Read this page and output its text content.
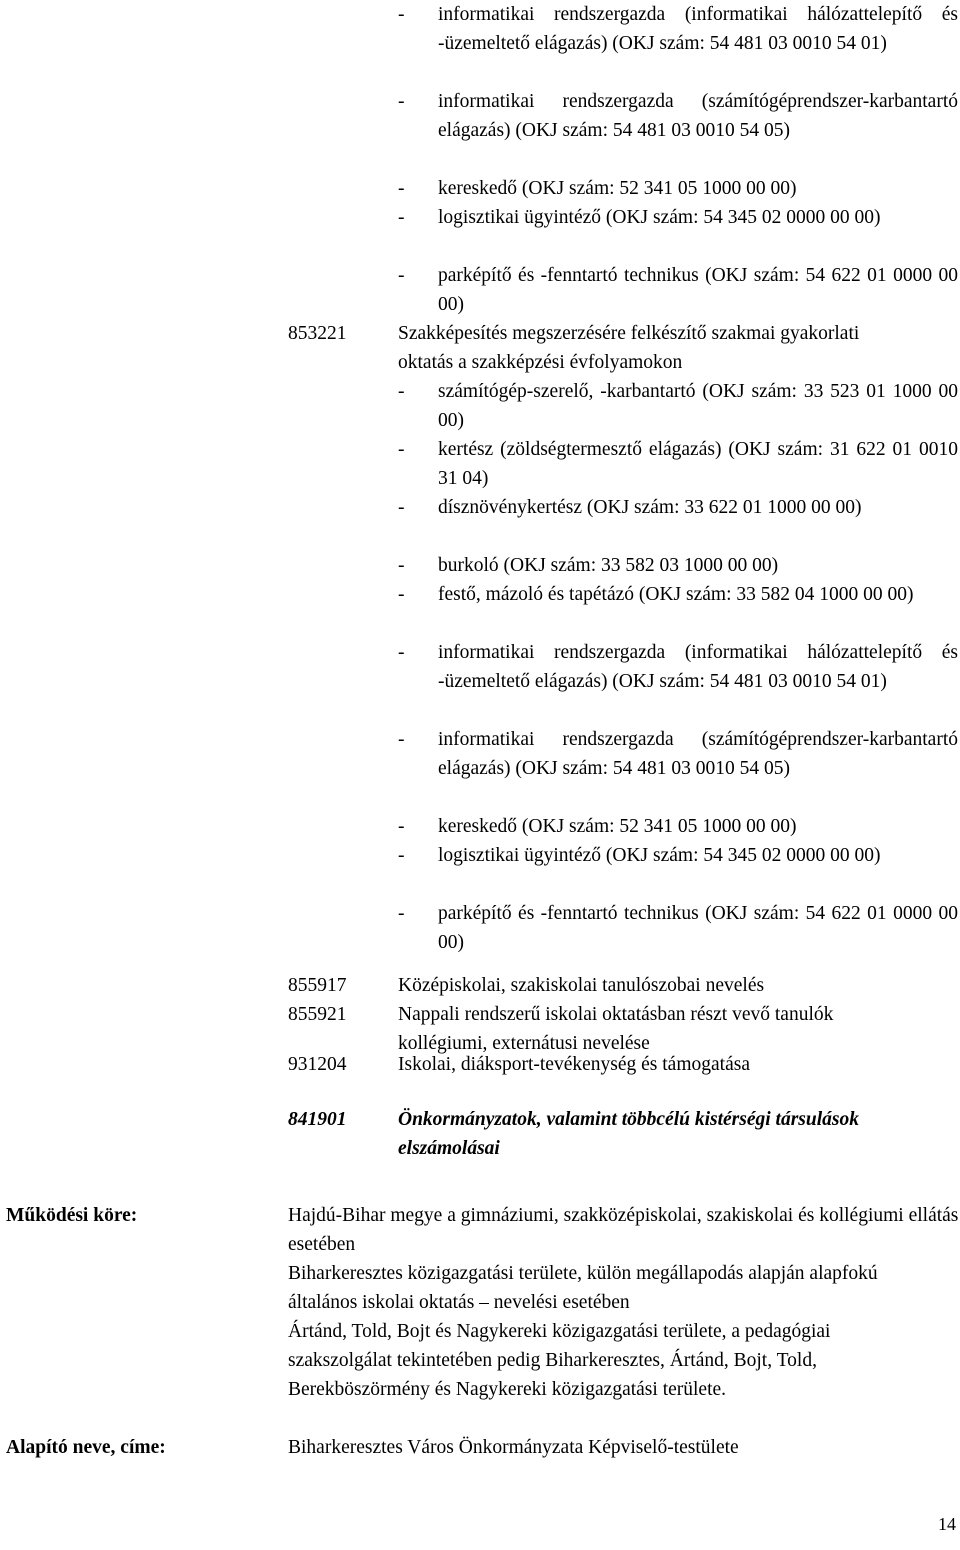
-	informatikai rendszergazda (informatikai hálózattelepítő és -üzemeltető elágazás) (OKJ szám: 54 481 03 0010 54 01)
-	informatikai rendszergazda (számítógéprendszer-karbantartó elágazás) (OKJ szám: 54 481 03 0010 54 05)
-	kereskedő (OKJ szám: 52 341 05 1000 00 00)
-	logisztikai ügyintéző (OKJ szám: 54 345 02 0000 00 00)
-	parképítő és -fenntartó technikus (OKJ szám: 54 622 01 0000 00 00)
853221	Szakképesítés megszerzésére felkészítő szakmai gyakorlati oktatás a szakképzési évfolyamokon
-	számítógép-szerelő, -karbantartó (OKJ szám: 33 523 01 1000 00 00)
-	kertész (zöldségtermesztő elágazás) (OKJ szám: 31 622 01 0010 31 04)
-	dísznövénykertész (OKJ szám: 33 622 01 1000 00 00)
-	burkoló (OKJ szám: 33 582 03 1000 00 00)
-	festő, mázoló és tapétázó (OKJ szám: 33 582 04 1000 00 00)
-	informatikai rendszergazda (informatikai hálózattelepítő és -üzemeltető elágazás) (OKJ szám: 54 481 03 0010 54 01)
-	informatikai rendszergazda (számítógéprendszer-karbantartó elágazás) (OKJ szám: 54 481 03 0010 54 05)
-	kereskedő (OKJ szám: 52 341 05 1000 00 00)
-	logisztikai ügyintéző (OKJ szám: 54 345 02 0000 00 00)
-	parképítő és -fenntartó technikus (OKJ szám: 54 622 01 0000 00 00)
855917	Középiskolai, szakiskolai tanulószobai nevelés
855921	Nappali rendszerű iskolai oktatásban részt vevő tanulók kollégiumi, externátusi nevelése
931204	Iskolai, diáksport-tevékenység és támogatása
841901	Önkormányzatok, valamint többcélú kistérségi társulások elszámolásai
Működési köre:	Hajdú-Bihar megye a gimnáziumi, szakközépiskolai, szakiskolai és kollégiumi ellátás esetében
Biharkeresztes közigazgatási területe, külön megállapodás alapján alapfokú általános iskolai oktatás – nevelési esetében
Ártánd, Told, Bojt és Nagykereki közigazgatási területe, a pedagógiai szakszolgálat tekintetében pedig Biharkeresztes, Ártánd, Bojt, Told, Berekböszörmény és Nagykereki közigazgatási területe.
Alapító neve, címe:	Biharkeresztes Város Önkormányzata Képviselő-testülete
14
